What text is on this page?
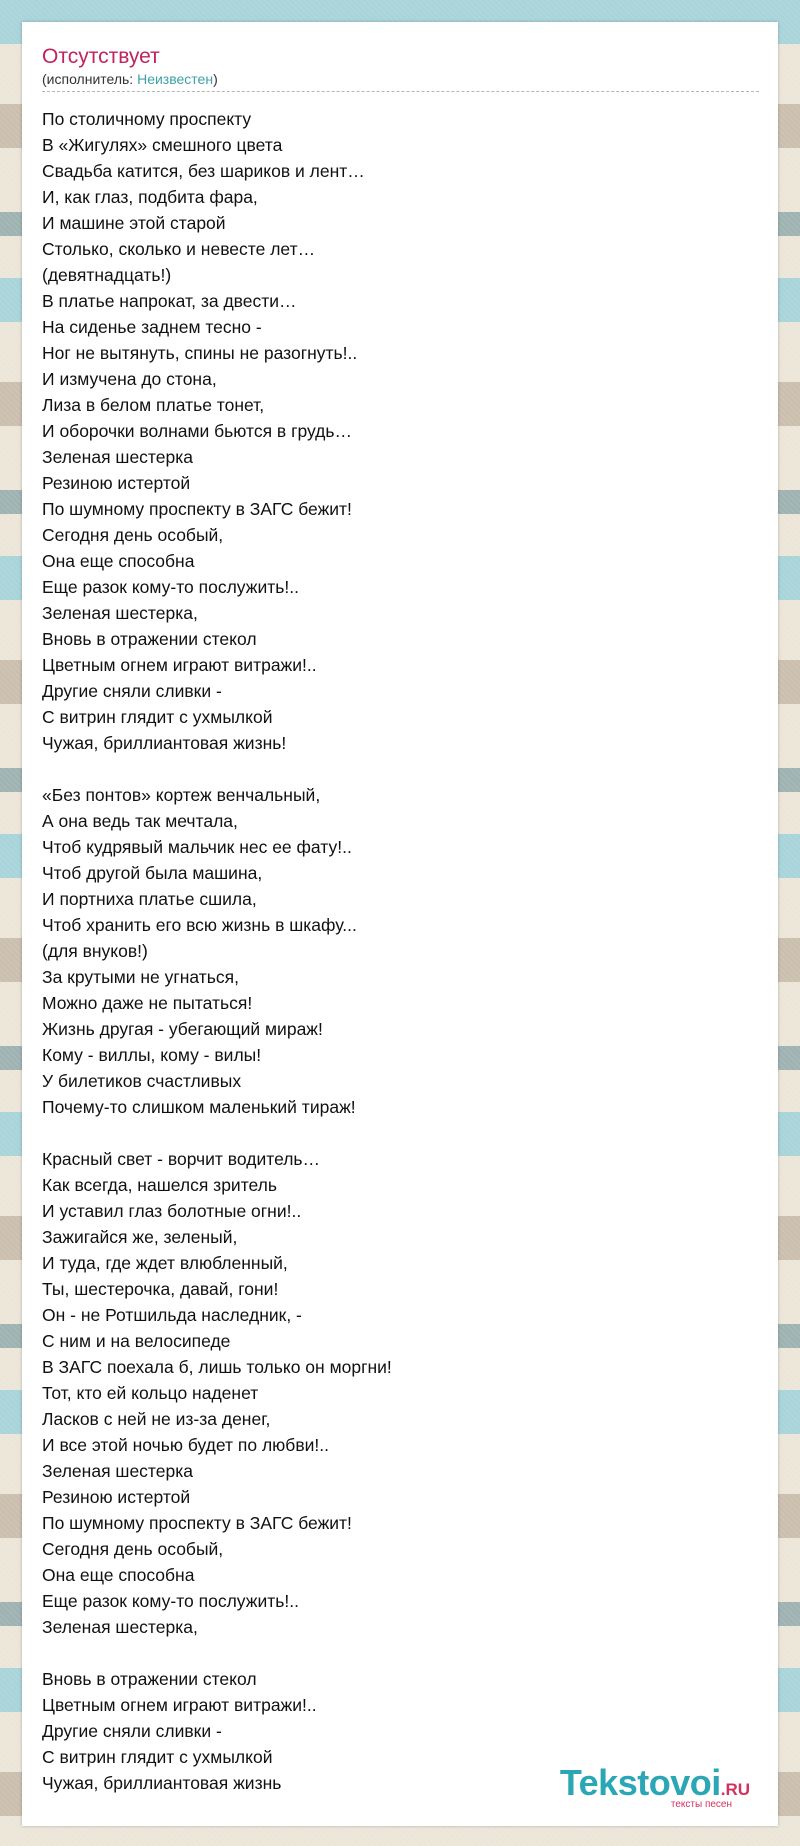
Отсутствует
(исполнитель: Неизвестен)
По столичному проспекту
В «Жигулях» смешного цвета
Свадьба катится, без шариков и лент…
И, как глаз, подбита фара,
И машине этой старой
Столько, сколько и невесте лет…
(девятнадцать!)
В платье напрокат, за двести…
На сиденье заднем тесно -
Ног не вытянуть, спины не разогнуть!..
И измучена до стона,
Лиза в белом платье тонет,
И оборочки волнами бьются в грудь…
Зеленая шестерка
Резиною истертой
По шумному проспекту в ЗАГС бежит!
Сегодня день особый,
Она еще способна
Еще разок кому-то послужить!..
Зеленая шестерка,
Вновь в отражении стекол
Цветным огнем играют витражи!..
Другие сняли сливки -
С витрин глядит с ухмылкой
Чужая, бриллиантовая жизнь!
«Без понтов» кортеж венчальный,
А она ведь так мечтала,
Чтоб кудрявый мальчик нес ее фату!..
Чтоб другой была машина,
И портниха платье сшила,
Чтоб хранить его всю жизнь в шкафу...
(для внуков!)
За крутыми не угнаться,
Можно даже не пытаться!
Жизнь другая - убегающий мираж!
Кому - виллы, кому - вилы!
У билетиков счастливых
Почему-то слишком маленький тираж!
Красный свет - ворчит водитель…
Как всегда, нашелся зритель
И уставил глаз болотные огни!..
Зажигайся же, зеленый,
И туда, где ждет влюбленный,
Ты, шестерочка, давай, гони!
Он - не Ротшильда наследник, -
С ним и на велосипеде
В ЗАГС поехала б, лишь только он моргни!
Тот, кто ей кольцо наденет
Ласков с ней не из-за денег,
И все этой ночью будет по любви!..
Зеленая шестерка
Резиною истертой
По шумному проспекту в ЗАГС бежит!
Сегодня день особый,
Она еще способна
Еще разок кому-то послужить!..
Зеленая шестерка,
Вновь в отражении стекол
Цветным огнем играют витражи!..
Другие сняли сливки -
С витрин глядит с ухмылкой
Чужая, бриллиантовая жизнь	Tekstovoi.RU
тексты песен
